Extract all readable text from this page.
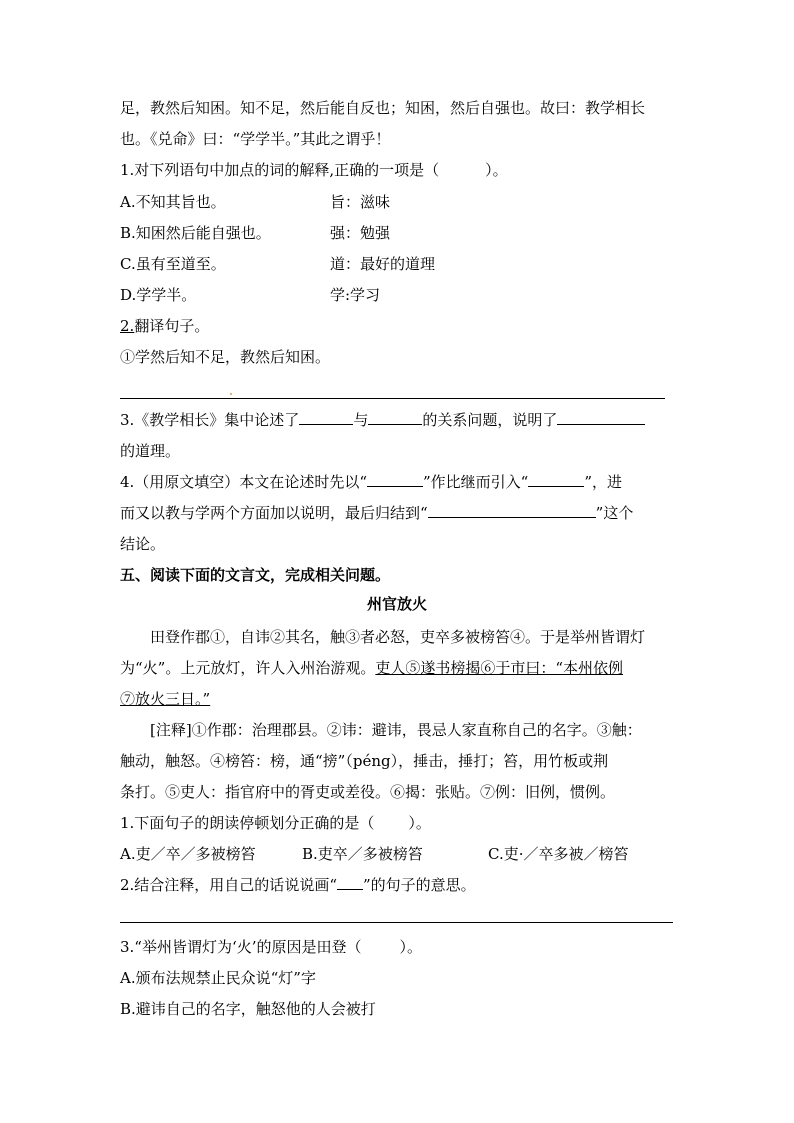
足，教然后知困。知不足，然后能自反也；知困，然后自强也。故曰：教学相长
也。《兑命》曰：“学学半。”其此之谓乎！
1.对下列语句中加点的词的解释,正确的一项是（	）。
A.不知其旨也。	旨：滋味
B.知困然后能自强也。	强：勉强
C.虽有至道至。	道：最好的道理
D.学学半。	学:学习
2.翻译句子。
①学然后知不足，教然后知困。
3.《教学相长》集中论述了	与	的关系问题，说明了
的道理。
4.（用原文填空）本文在论述时先以“	”作比继而引入“	”，进
而又以教与学两个方面加以说明，最后归结到“	”这个
结论。
五、阅读下面的文言文，完成相关问题。
州官放火
田登作郡①，自讳②其名，触③者必怒，吏卒多被榜笞④。于是举州皆谓灯
为“火”。上元放灯，许人入州治游观。吏人⑤遂书榜揭⑥于市曰：“本州依例
⑦放火三日。”
[注释]①作郡：治理郡县。②讳：避讳，畏忌人家直称自己的名字。③触：
触动，触怒。④榜笞：榜，通“搒”（péng），捶击，捶打；笞，用竹板或荆
条打。⑤吏人：指官府中的胥吏或差役。⑥揭：张贴。⑦例：旧例，惯例。
1.下面句子的朗读停顿划分正确的是（ ）。
A.吏／卒／多被榜笞	B.吏卒／多被榜笞	C.吏·／卒多被／榜笞
2.结合注释，用自己的话说说画“ ”的句子的意思。
3.“举州皆谓灯为‘火’的原因是田登（	）。
A.颁布法规禁止民众说“灯”字
B.避讳自己的名字，触怒他的人会被打
